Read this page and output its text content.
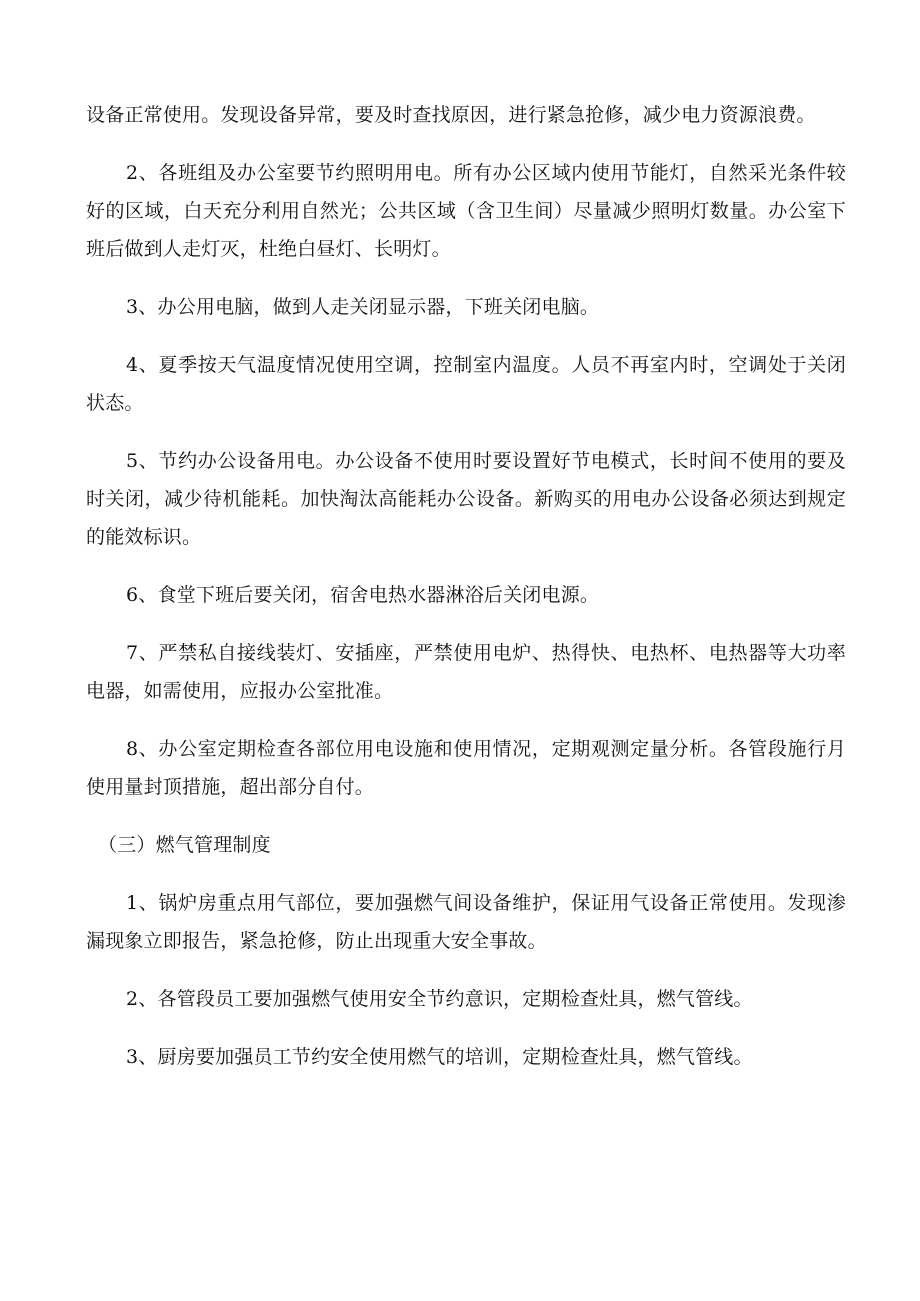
设备正常使用。发现设备异常，要及时查找原因，进行紧急抢修，减少电力资源浪费。

2、各班组及办公室要节约照明用电。所有办公区域内使用节能灯，自然采光条件较好的区域，白天充分利用自然光；公共区域（含卫生间）尽量减少照明灯数量。办公室下班后做到人走灯灭，杜绝白昼灯、长明灯。

3、办公用电脑，做到人走关闭显示器，下班关闭电脑。

4、夏季按天气温度情况使用空调，控制室内温度。人员不再室内时，空调处于关闭状态。

5、节约办公设备用电。办公设备不使用时要设置好节电模式，长时间不使用的要及时关闭，减少待机能耗。加快淘汰高能耗办公设备。新购买的用电办公设备必须达到规定的能效标识。

6、食堂下班后要关闭，宿舍电热水器淋浴后关闭电源。

7、严禁私自接线装灯、安插座，严禁使用电炉、热得快、电热杯、电热器等大功率电器，如需使用，应报办公室批准。

8、办公室定期检查各部位用电设施和使用情况，定期观测定量分析。各管段施行月使用量封顶措施，超出部分自付。

（三）燃气管理制度

1、锅炉房重点用气部位，要加强燃气间设备维护，保证用气设备正常使用。发现渗漏现象立即报告，紧急抢修，防止出现重大安全事故。

2、各管段员工要加强燃气使用安全节约意识，定期检查灶具，燃气管线。

3、厨房要加强员工节约安全使用燃气的培训，定期检查灶具，燃气管线。
